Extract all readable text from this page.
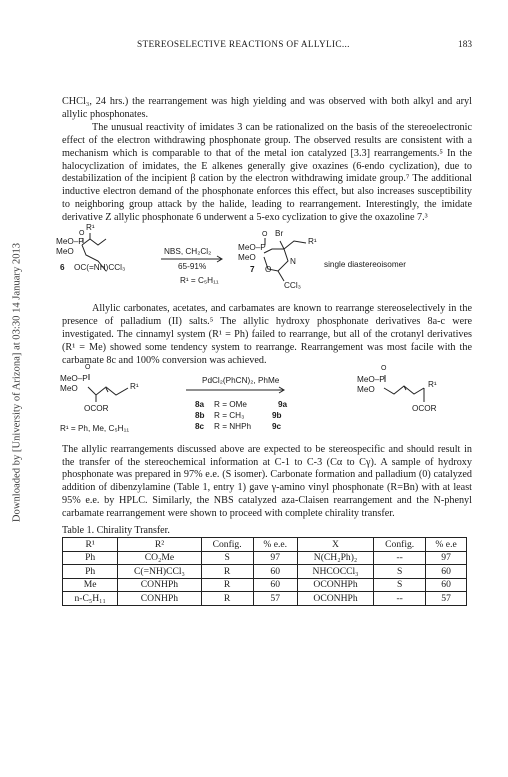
Downloaded by [University of Arizona] at 03:30 14 January 2013
STEREOSELECTIVE REACTIONS OF ALLYLIC...	183

CHCl₃, 24 hrs.) the rearrangement was high yielding and was observed with both alkyl and aryl allylic phosphonates.

The unusual reactivity of imidates 3 can be rationalized on the basis of the stereoelectronic effect of the electron withdrawing phosphonate group. The observed results are consistent with a mechanism which is comparable to that of the metal ion catalyzed [3.3] rearrangements.⁵ In the halocyclization of imidates, the E alkenes generally give oxazines (6-endo cyclization), due to destabilization of the incipient β cation by the electron withdrawing imidate group.⁷ The additional inductive electron demand of the phosphonate enforces this effect, but also increases susceptibility to neighboring group attack by the halide, leading to rearrangement. Interestingly, the imidate derivative Z allylic phosphonate 6 underwent a 5-exo cyclization to give the oxazoline 7.³

R¹
O
MeO–P
MeO
6 OC(=NH)CCl₃
NBS, CH₂Cl₂
65-91%
R¹ = C₅H₁₁
Br
R¹
O
MeO–P
MeO	N
7 O
CCl₃
single diastereoisomer

Allylic carbonates, acetates, and carbamates are known to rearrange stereoselectively in the presence of palladium (II) salts.⁵ The allylic hydroxy phosphonate derivatives 8a-c were investigated. The cinnamyl system (R¹ = Ph) failed to rearrange, but all of the crotanyl derivatives (R¹ = Me) showed some tendency system to rearrange. Rearrangement was most facile with the carbamate 8c and 100% conversion was achieved.

O
MeO–P
MeO	R¹
OCOR
PdCl₂(PhCN)₂, PhMe
8a R = OMe	9a
8b R = CH₃	9b
8c R = NHPh	9c
R¹ = Ph, Me, C₅H₁₁
O
MeO–P
MeO
R¹
OCOR

The allylic rearrangements discussed above are expected to be stereospecific and should result in the transfer of the stereochemical information at C-1 to C-3 (Cα to Cγ). A sample of hydroxy phosphonate was prepared in 97% e.e. (S isomer). Carbonate formation and palladium (0) catalyzed addition of dibenzylamine (Table 1, entry 1) gave γ-amino vinyl phosphonate (R=Bn) with at least 95% e.e. by HPLC. Similarly, the NBS catalyzed aza-Claisen rearrangement and the N-phenyl carbamate rearrangement were shown to proceed with complete chirality transfer.

Table 1. Chirality Transfer.
R¹	R²	Config.	% e.e.	X	Config.	% e.e
Ph	CO₂Me	S	97	N(CH₂Ph)₂	--	97
Ph	C(=NH)CCl₃	R	60	NHCOCCl₃	S	60
Me	CONHPh	R	60	OCONHPh	S	60
n-C₅H₁₁	CONHPh	R	57	OCONHPh	--	57
